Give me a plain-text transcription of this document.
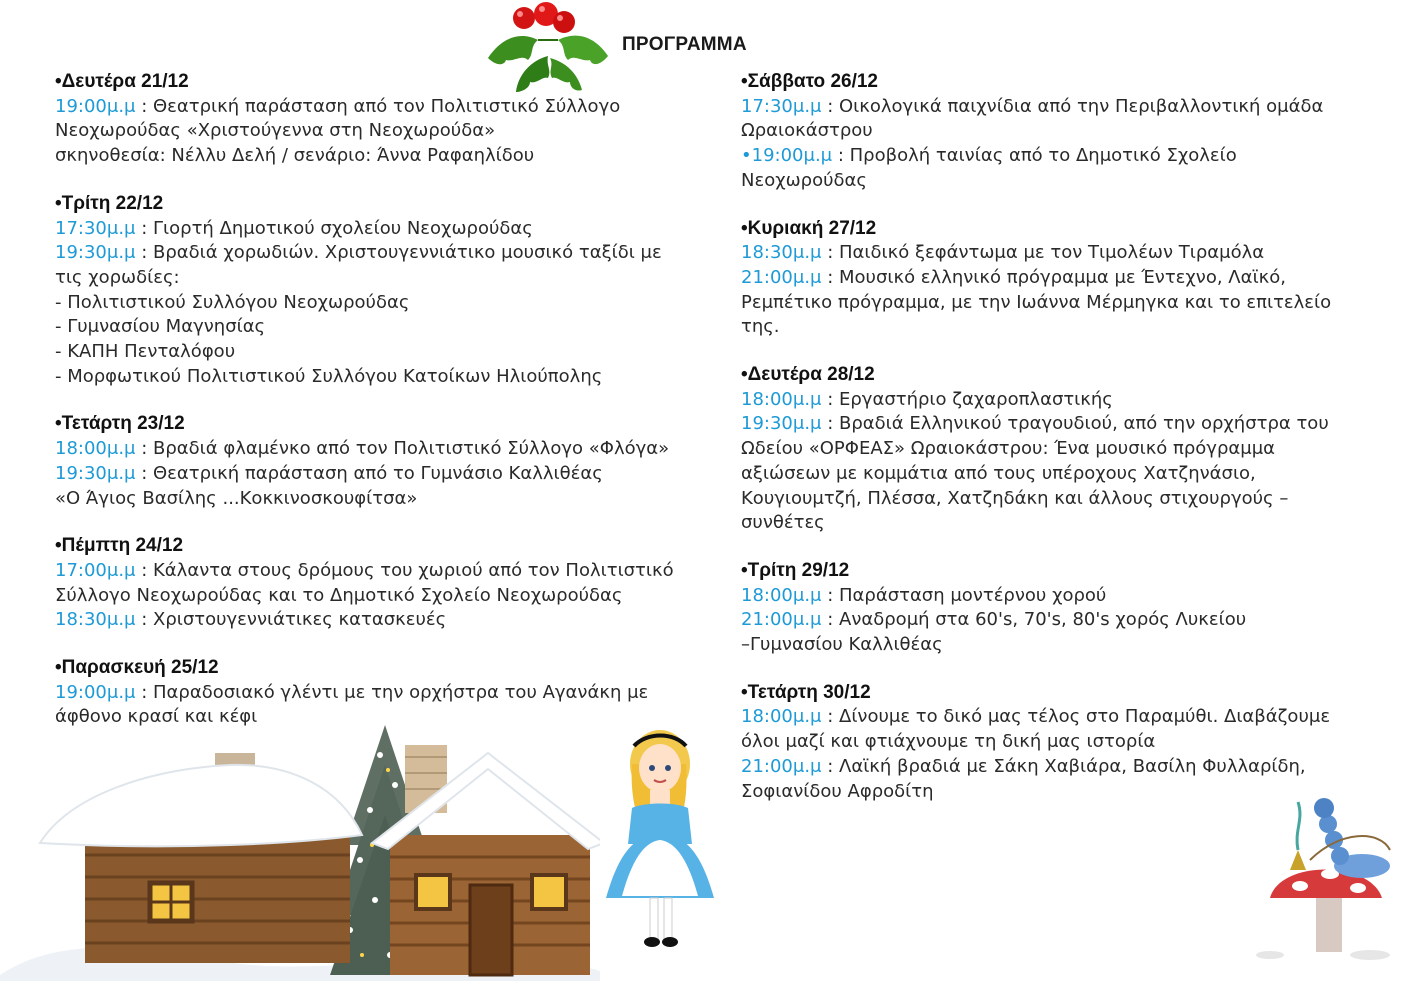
ΠΡΟΓΡΑΜΜΑ
•Δευτέρα 21/12
19:00μ.μ : Θεατρική παράσταση από τον Πολιτιστικό Σύλλογο
Νεοχωρούδας «Χριστούγεννα στη Νεοχωρούδα»
σκηνοθεσία: Νέλλυ Δελή / σενάριο: Άννα Ραφαηλίδου
•Τρίτη 22/12
17:30μ.μ : Γιορτή Δημοτικού σχολείου Νεοχωρούδας
19:30μ.μ : Βραδιά χορωδιών. Χριστουγεννιάτικο μουσικό ταξίδι με
τις χορωδίες:
- Πολιτιστικού Συλλόγου Νεοχωρούδας
- Γυμνασίου Μαγνησίας
- ΚΑΠΗ Πενταλόφου
- Μορφωτικού Πολιτιστικού Συλλόγου Κατοίκων Ηλιούπολης
•Τετάρτη 23/12
18:00μ.μ : Βραδιά φλαμένκο από τον Πολιτιστικό Σύλλογο «Φλόγα»
19:30μ.μ : Θεατρική παράσταση από το Γυμνάσιο Καλλιθέας
«Ο Άγιος Βασίλης ...Κοκκινοσκουφίτσα»
•Πέμπτη 24/12
17:00μ.μ : Κάλαντα στους δρόμους του χωριού από τον Πολιτιστικό
Σύλλογο Νεοχωρούδας και το Δημοτικό Σχολείο Νεοχωρούδας
18:30μ.μ : Χριστουγεννιάτικες κατασκευές
•Παρασκευή 25/12
19:00μ.μ : Παραδοσιακό γλέντι με την ορχήστρα του Αγανάκη με
άφθονο κρασί και κέφι
•Σάββατο 26/12
17:30μ.μ : Οικολογικά παιχνίδια από την Περιβαλλοντική ομάδα
Ωραιοκάστρου
•19:00μ.μ : Προβολή ταινίας από το Δημοτικό Σχολείο
Νεοχωρούδας
•Κυριακή 27/12
18:30μ.μ : Παιδικό ξεφάντωμα με τον Τιμολέων Τιραμόλα
21:00μ.μ : Μουσικό ελληνικό πρόγραμμα με Έντεχνο, Λαϊκό,
Ρεμπέτικο πρόγραμμα, με την Ιωάννα Μέρμηγκα και το επιτελείο
της.
•Δευτέρα 28/12
18:00μ.μ : Εργαστήριο ζαχαροπλαστικής
19:30μ.μ : Βραδιά Ελληνικού τραγουδιού, από την ορχήστρα του
Ωδείου «ΟΡΦΕΑΣ» Ωραιοκάστρου: Ένα μουσικό πρόγραμμα
αξιώσεων με κομμάτια από τους υπέροχους Χατζηνάσιο,
Κουγιουμτζή, Πλέσσα, Χατζηδάκη και άλλους στιχουργούς –
συνθέτες
•Τρίτη 29/12
18:00μ.μ : Παράσταση μοντέρνου χορού
21:00μ.μ : Αναδρομή στα 60's, 70's, 80's χορός Λυκείου
–Γυμνασίου Καλλιθέας
•Τετάρτη 30/12
18:00μ.μ : Δίνουμε το δικό μας τέλος στο Παραμύθι. Διαβάζουμε
όλοι μαζί και φτιάχνουμε τη δική μας ιστορία
21:00μ.μ : Λαϊκή βραδιά με Σάκη Χαβιάρα, Βασίλη Φυλλαρίδη,
Σοφιανίδου Αφροδίτη
